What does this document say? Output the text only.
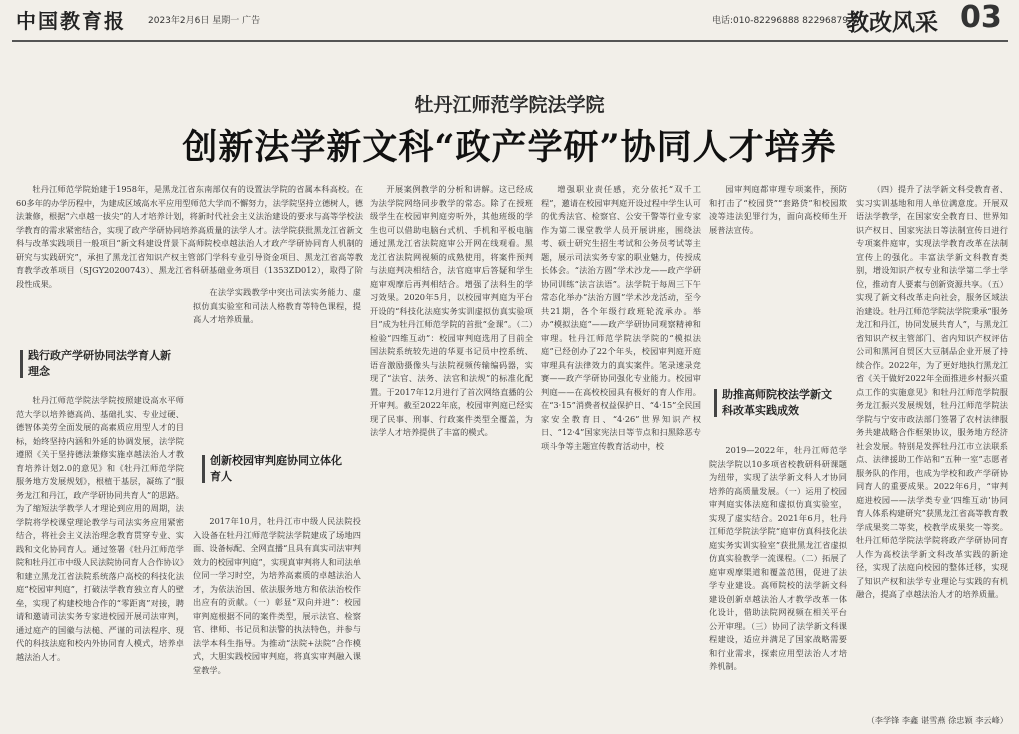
中国教育报 2023年2月6日 星期一 广告	电话:010-82296888 82296879
教改风采 03
牡丹江师范学院法学院
创新法学新文科“政产学研”协同人才培养

牡丹江师范学院始建于1958年，是黑龙江省东南部仅有的设置法学院的省属本科高校。在60多年的办学历程中，为建成区域高水平应用型师范大学而不懈努力，法学院坚持立德树人，德法兼修，根据“六卓越一拔尖”的人才培养计划，将新时代社会主义法治建设的要求与高等学校法学教育的需求紧密结合，实现了政产学研协同培养高质量的法学人才。法学院获批黑龙江省新文科与改革实践项目一般项目“新文科建设背景下高师院校卓越法治人才政产学研协同育人机制的研究与实践研究”，承担了黑龙江省知识产权主管部门学科专业引导资金项目、黑龙江省高等教育教学改革项目（SJGY20200743）、黑龙江省科研基础业务项目（1353ZD012），取得了阶段性成果。

践行政产学研协同法学育人新理念

牡丹江师范学院法学院按照建设高水平师范大学以培养德高尚、基础扎实、专业过硬、德智体美劳全面发展的高素质应用型人才的目标，始终坚持内涵和外延的协调发展，法学院遵照《关于坚持德法兼修实施卓越法治人才教育培养计划2.0的意见》和《牡丹江师范学院服务地方发展规划》，根植于基层，凝练了“服务龙江和丹江，政产学研协同共育人”的思路。为了缩短法学教学人才理论到应用的周期，法学院将学校课堂理论教学与司法实务应用紧密结合，将社会主义法治理念教育贯穿专业、实践和文化协同育人。通过签署《牡丹江师范学院和牡丹江市中级人民法院协同育人合作协议》和建立黑龙江省法院系统落户高校的科技化法庭“校园审判庭”，打破法学教育独立育人的壁垒，实现了构建校地合作的“零距离”对接，聘请和邀请司法实务专家进校园开展司法审判，通过庭产的国徽与法槌、严谨的司法程序、现代的科技法庭和校内外协同育人模式，培养卓越法治人才。

在法学实践教学中突出司法实务能力、虚拟仿真实验室和司法人格教育等特色课程，提高人才培养质量。

创新校园审判庭协同立体化育人

2017年10月，牡丹江市中级人民法院投入设备在牡丹江师范学院法学院建成了场地四面、设备标配、全网直播“且具有真实司法审判效力的校园审判庭”，实现真审判将人和司法单位同一学习时空，为培养高素质的卓越法治人才，为依法治国、依法服务地方和依法治校作出应有的贡献。（一）彰显“双向并进”：校园审判庭根据不同的案件类型，展示法官、检察官、律师、书记员和法警的执法特色，并参与法学本科生指导。为推动“法院+法院”合作模式，大胆实践校园审判庭，将真实审判融入课堂教学。

开展案例教学的分析和讲解。这已经成为法学院网络同步教学的常态。除了在授班级学生在校园审判庭旁听外，其他班级的学生也可以借助电脑台式机、手机和平板电脑通过黑龙江省法院庭审公开网在线观看。黑龙江省法院网视频的成熟使用，将案件预判与法庭判决相结合，法官庭审后答疑和学生庭审观摩后再判相结合。增强了法科生的学习效果。2020年5月，以校园审判庭为平台开设的“科技化法庭实务实训虚拟仿真实验项目”成为牡丹江师范学院的首批“金课”。（二）检验“四维互动”：校园审判庭选用了目前全国法院系统较先进的华夏书记员中控系统、语音激励摄像头与法院视频传输编码器，实现了“法官、法务、法官和法规”的标准化配置。于2017年12月进行了首次网络直播的公开审判。截至2022年底，校园审判庭已经实现了民事、刑事、行政案件类型全覆盖，为法学人才培养提供了丰富的模式。

增强职业责任感，充分依托“双千工程”，邀请在校园审判庭开设过程中学生认可的优秀法官、检察官、公安干警等行业专家作为第二课堂教学人员开展讲座，围绕法考、硕士研究生招生考试和公务员考试等主题，展示司法实务专家的职业魅力，传授成长体会。“法治方圆”学术沙龙——政产学研协同训练“法言法语”。法学院于每周三下午常态化举办“法治方圆”学术沙龙活动，至今共21期，各个年级行政班轮流承办。举办“模拟法庭”——政产学研协同观察精神和审理。牡丹江师范学院法学院的“模拟法庭”已经创办了22个年头，校园审判庭开庭审理具有法律效力的真实案件。笔录速录竞赛——政产学研协同强化专业能力。校园审判庭——在高校校园具有极好的育人作用。在“3·15”消费者权益保护日、“4·15”全民国家安全教育日、“4·26”世界知识产权日、“12·4”国家宪法日等节点和扫黑除恶专项斗争等主题宣传教育活动中，校

园审判庭都审理专项案件，预防和打击了“校园贷”“套路贷”和校园欺凌等违法犯罪行为，面向高校师生开展普法宣传。

助推高师院校法学新文科改革实践成效

2019—2022年，牡丹江师范学院法学院以10多项省校教研科研课题为纽带，实现了法学新文科人才协同培养的高质量发展。（一）运用了校园审判庭实体法庭和虚拟仿真实验室，实现了虚实结合。2021年6月，牡丹江师范学院法学院“庭审仿真科技化法庭实务实训实验室”获批黑龙江省虚拟仿真实验教学一流课程。（二）拓展了庭审观摩渠道和覆盖范围，促进了法学专业建设。高师院校的法学新文科建设创新卓越法治人才教学改革一体化设计，借助法院网视频在相关平台公开审理。（三）协同了法学新文科课程建设，适应并满足了国家战略需要和行业需求，探索应用型法治人才培养机制。

（四）提升了法学新文科受教育者、实习实训基地和用人单位满意度。开展双语法学教学，在国家安全教育日、世界知识产权日、国家宪法日等法制宣传日进行专项案件庭审，实现法学教育改革在法制宣传上的强化。丰富法学新文科教育类别，增设知识产权专业和法学第二学士学位，推动育人要素与创新资源共享。（五）实现了新文科改革走向社会，服务区域法治建设。牡丹江师范学院法学院秉承“服务龙江和丹江，协同发展共育人”，与黑龙江省知识产权主管部门、省内知识产权评估公司和黑河自贸区大豆制品企业开展了持续合作。2022年，为了更好地执行黑龙江省《关于做好2022年全面推进乡村振兴重点工作的实施意见》和牡丹江师范学院服务龙江振兴发展规划，牡丹江师范学院法学院与宁安市政法部门签署了农村法律服务共建战略合作框架协议，服务地方经济社会发展。特别是发挥牡丹江市立法联系点、法律援助工作站和“五种一室”志愿者服务队的作用，也成为学校和政产学研协同育人的重要成果。2022年6月，“审判庭进校园——法学类专业‘四维互动’协同育人体系构建研究”获黑龙江省高等教育教学成果奖二等奖，校教学成果奖一等奖。牡丹江师范学院法学院将政产学研协同育人作为高校法学新文科改革实践的新途径，实现了法庭向校园的整体迁移，实现了知识产权和法学专业理论与实践的有机融合，提高了卓越法治人才的培养质量。

（李学锋 李鑫 谌雪燕 徐忠颖 李云峰）
